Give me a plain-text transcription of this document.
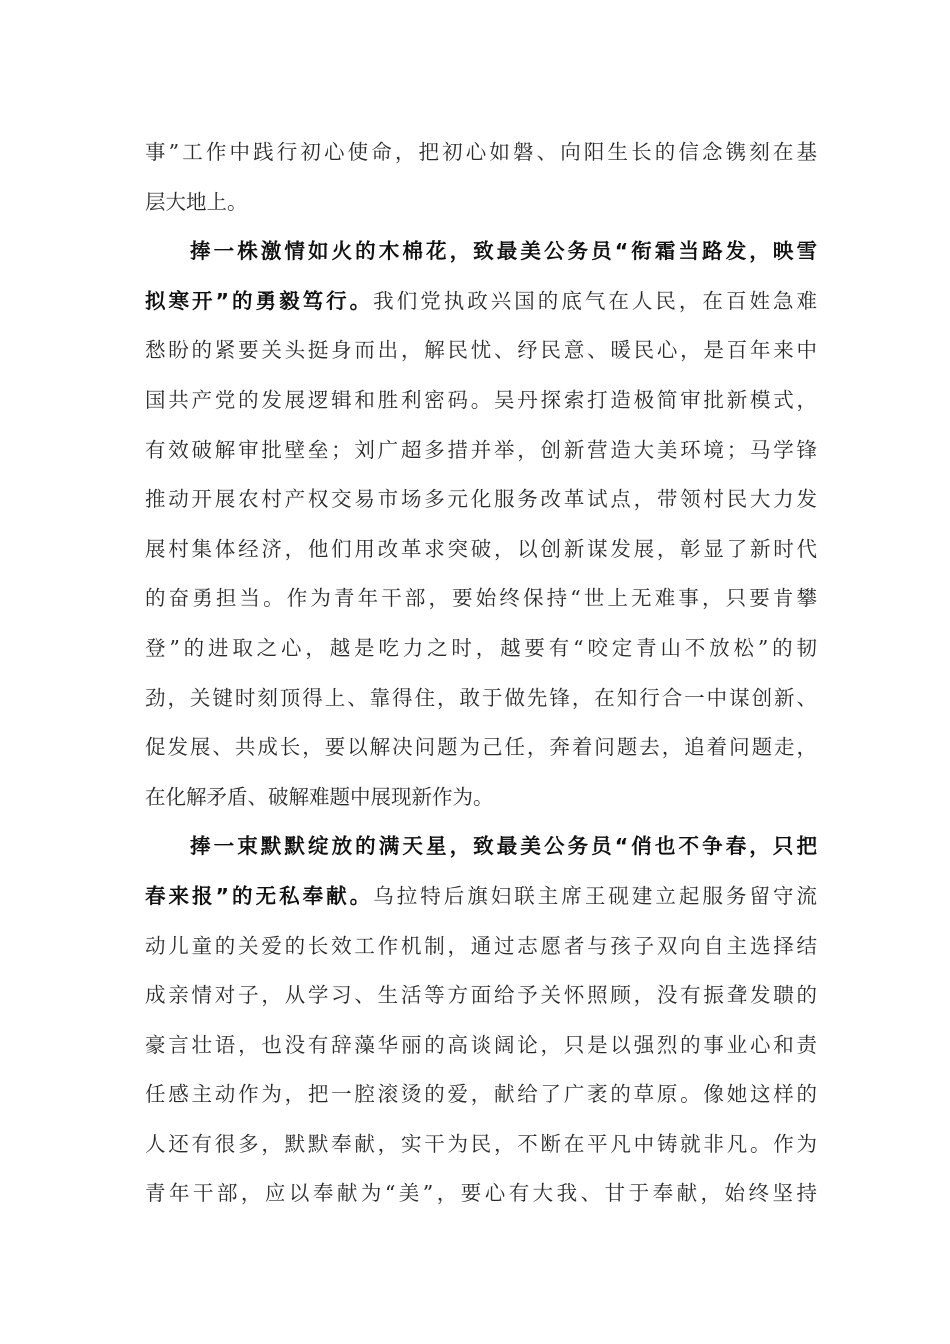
事”工作中践行初心使命，把初心如磐、向阳生长的信念镌刻在基
层大地上。
捧一株激情如火的木棉花，致最美公务员“衔霜当路发，映雪
拟寒开”的勇毅笃行。我们党执政兴国的底气在人民，在百姓急难
愁盼的紧要关头挺身而出，解民忧、纾民意、暖民心，是百年来中
国共产党的发展逻辑和胜利密码。吴丹探索打造极简审批新模式，
有效破解审批壁垒；刘广超多措并举，创新营造大美环境；马学锋
推动开展农村产权交易市场多元化服务改革试点，带领村民大力发
展村集体经济，他们用改革求突破，以创新谋发展，彰显了新时代
的奋勇担当。作为青年干部，要始终保持“世上无难事，只要肯攀
登”的进取之心，越是吃力之时，越要有“咬定青山不放松”的韧
劲，关键时刻顶得上、靠得住，敢于做先锋，在知行合一中谋创新、
促发展、共成长，要以解决问题为己任，奔着问题去，追着问题走，
在化解矛盾、破解难题中展现新作为。
捧一束默默绽放的满天星，致最美公务员“俏也不争春，只把
春来报”的无私奉献。乌拉特后旗妇联主席王砚建立起服务留守流
动儿童的关爱的长效工作机制，通过志愿者与孩子双向自主选择结
成亲情对子，从学习、生活等方面给予关怀照顾，没有振聋发聩的
豪言壮语，也没有辞藻华丽的高谈阔论，只是以强烈的事业心和责
任感主动作为，把一腔滚烫的爱，献给了广袤的草原。像她这样的
人还有很多，默默奉献，实干为民，不断在平凡中铸就非凡。作为
青年干部，应以奉献为“美”，要心有大我、甘于奉献，始终坚持
